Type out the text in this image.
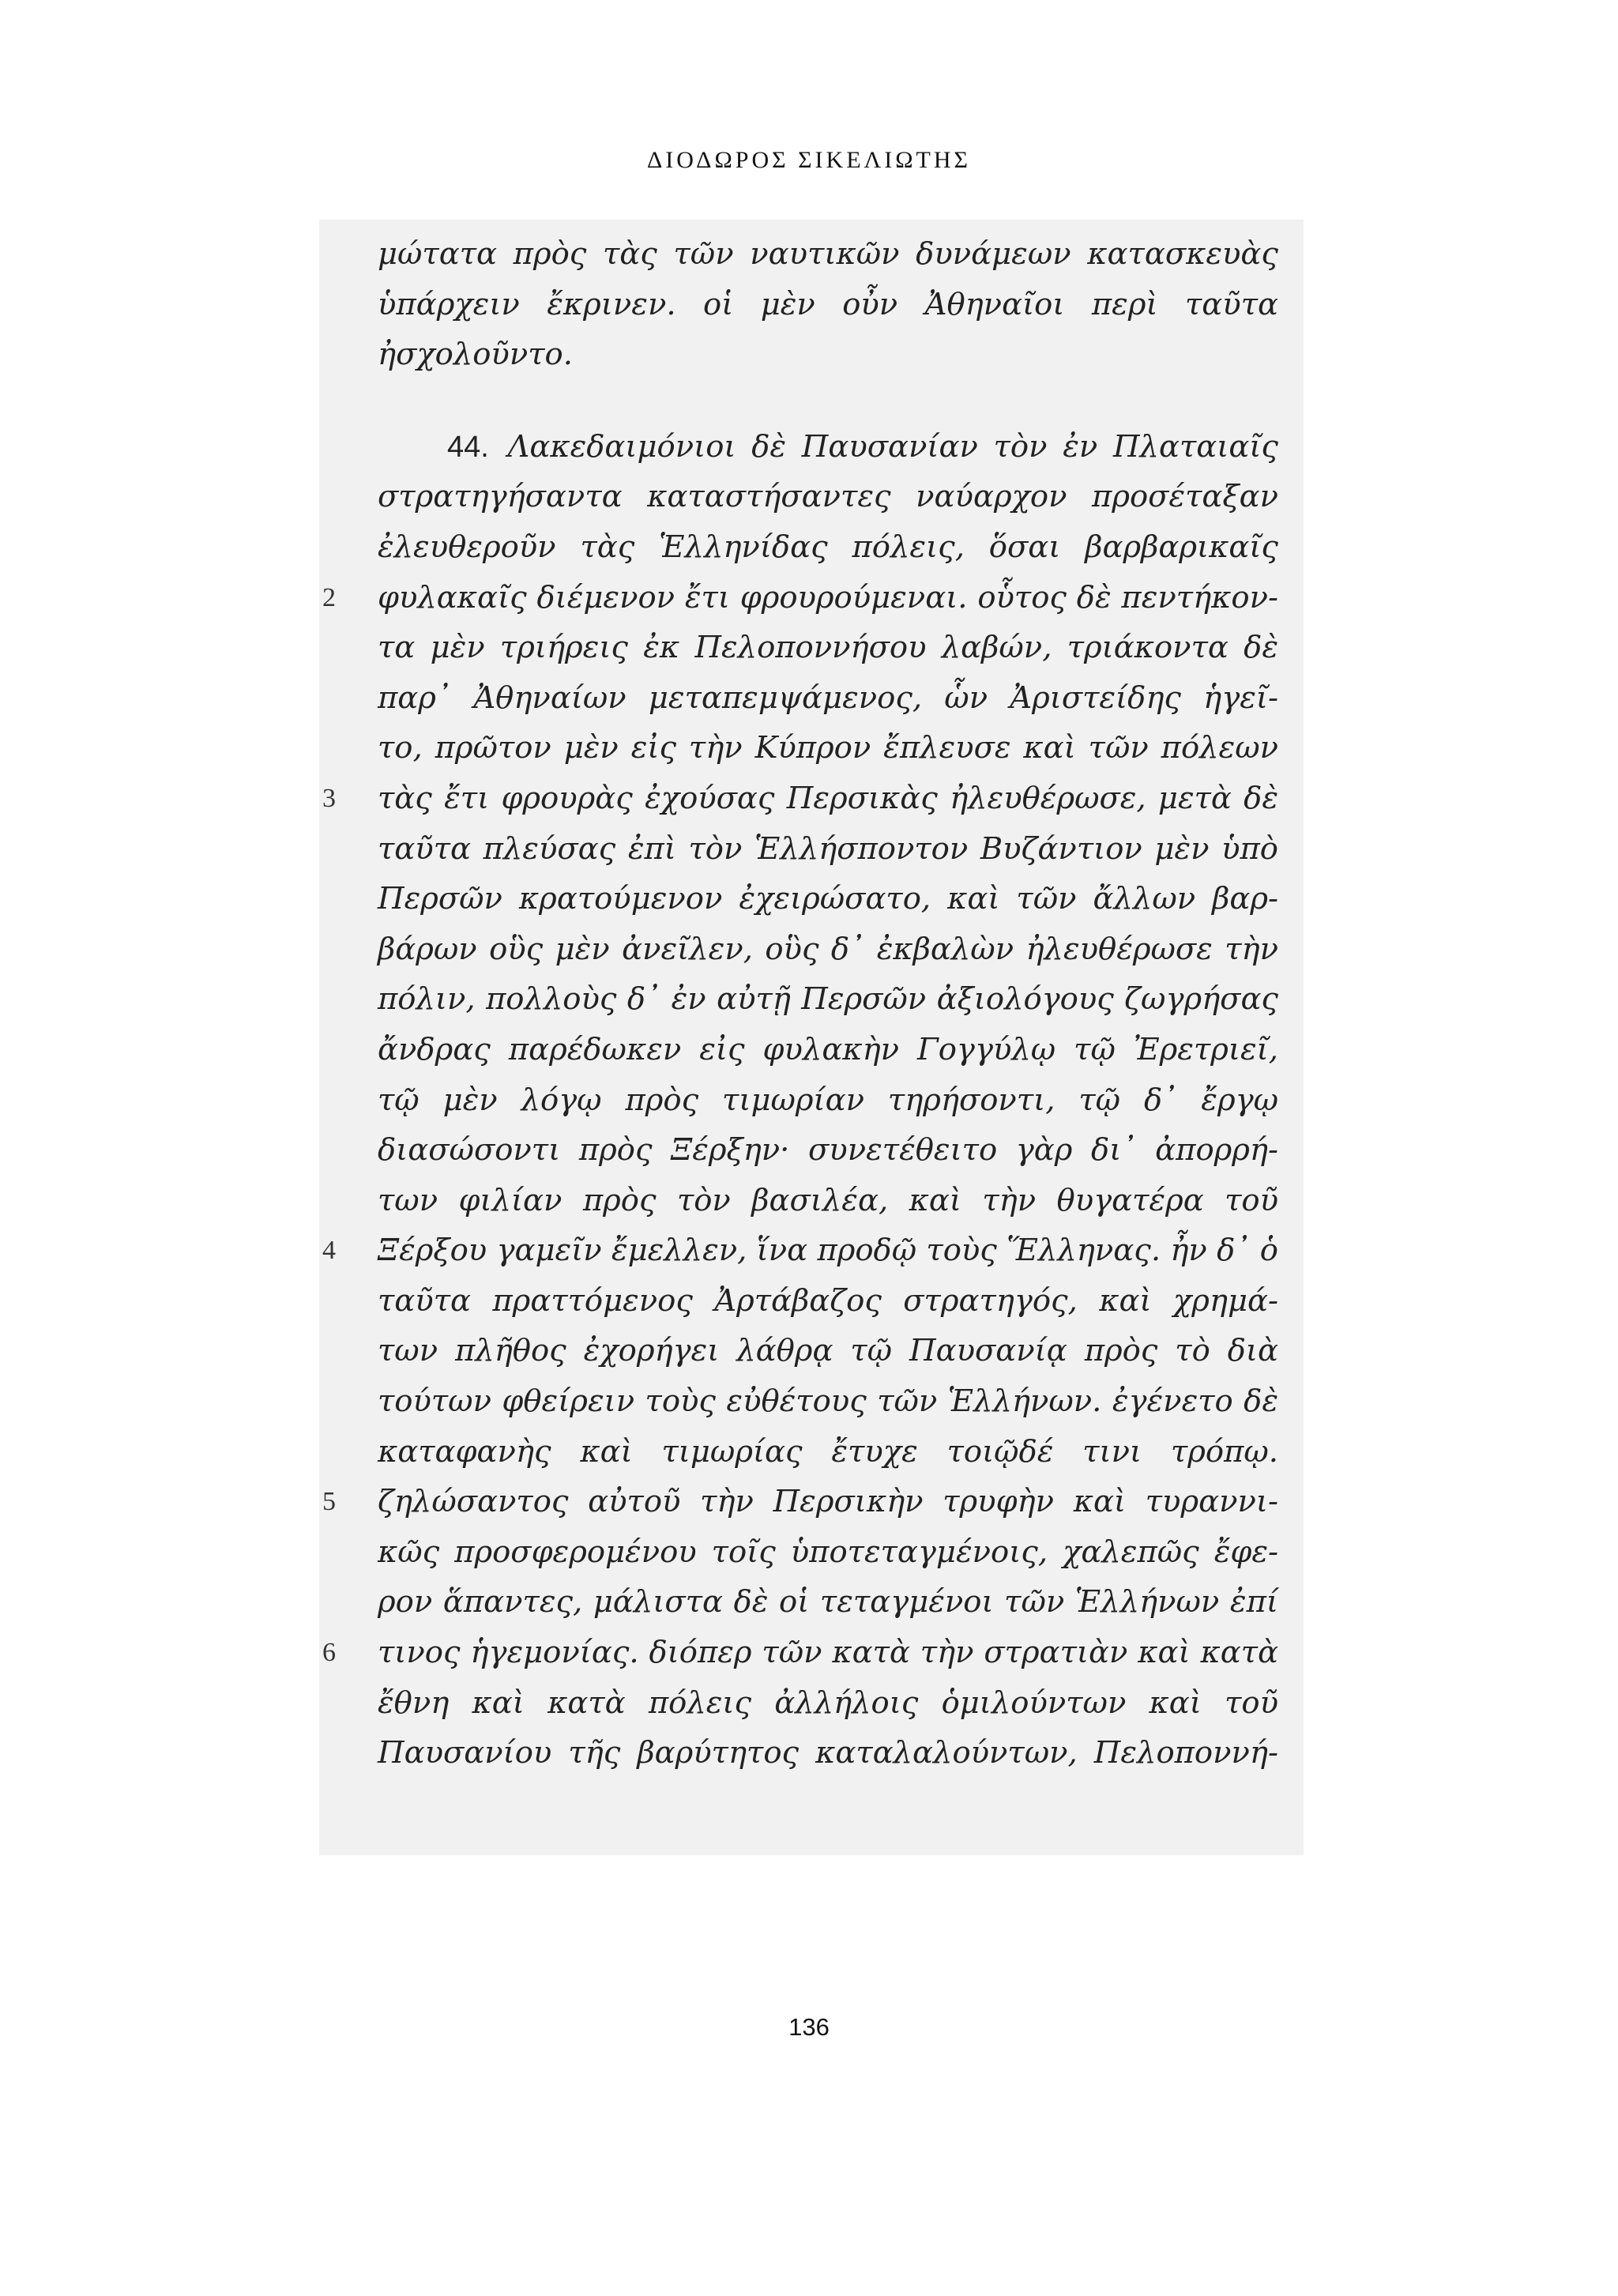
ΔΙΟΔΩΡΟΣ ΣΙΚΕΛΙΩΤΗΣ
μώτατα πρὸς τὰς τῶν ναυτικῶν δυνάμεων κατασκευὰς
ὑπάρχειν ἔκρινεν. οἱ μὲν οὖν Ἀθηναῖοι περὶ ταῦτα
ἠσχολοῦντο.
44. Λακεδαιμόνιοι δὲ Παυσανίαν τὸν ἐν Πλαταιαῖς
στρατηγήσαντα καταστήσαντες ναύαρχον προσέταξαν
ἐλευθεροῦν τὰς Ἑλληνίδας πόλεις, ὅσαι βαρβαρικαῖς
2 φυλακαῖς διέμενον ἔτι φρουρούμεναι. οὗτος δὲ πεντήκον-
τα μὲν τριήρεις ἐκ Πελοποννήσου λαβών, τριάκοντα δὲ
παρ᾽ Ἀθηναίων μεταπεμψάμενος, ὧν Ἀριστείδης ἡγεῖ-
το, πρῶτον μὲν εἰς τὴν Κύπρον ἔπλευσε καὶ τῶν πόλεων
3 τὰς ἔτι φρουρὰς ἐχούσας Περσικὰς ἠλευθέρωσε, μετὰ δὲ
ταῦτα πλεύσας ἐπὶ τὸν Ἑλλήσποντον Βυζάντιον μὲν ὑπὸ
Περσῶν κρατούμενον ἐχειρώσατο, καὶ τῶν ἄλλων βαρ-
βάρων οὓς μὲν ἀνεῖλεν, οὓς δ᾽ ἐκβαλὼν ἠλευθέρωσε τὴν
πόλιν, πολλοὺς δ᾽ ἐν αὐτῇ Περσῶν ἀξιολόγους ζωγρήσας
ἄνδρας παρέδωκεν εἰς φυλακὴν Γογγύλῳ τῷ Ἐρετριεῖ,
τῷ μὲν λόγῳ πρὸς τιμωρίαν τηρήσοντι, τῷ δ᾽ ἔργῳ
διασώσοντι πρὸς Ξέρξην· συνετέθειτο γὰρ δι᾽ ἀπορρή-
των φιλίαν πρὸς τὸν βασιλέα, καὶ τὴν θυγατέρα τοῦ
4 Ξέρξου γαμεῖν ἔμελλεν, ἵνα προδῷ τοὺς Ἕλληνας. ἦν δ᾽ ὁ
ταῦτα πραττόμενος Ἀρτάβαζος στρατηγός, καὶ χρημά-
των πλῆθος ἐχορήγει λάθρᾳ τῷ Παυσανίᾳ πρὸς τὸ διὰ
τούτων φθείρειν τοὺς εὐθέτους τῶν Ἑλλήνων. ἐγένετο δὲ
καταφανὴς καὶ τιμωρίας ἔτυχε τοιῷδέ τινι τρόπῳ.
5 ζηλώσαντος αὐτοῦ τὴν Περσικὴν τρυφὴν καὶ τυραννι-
κῶς προσφερομένου τοῖς ὑποτεταγμένοις, χαλεπῶς ἔφε-
ρον ἅπαντες, μάλιστα δὲ οἱ τεταγμένοι τῶν Ἑλλήνων ἐπί
6 τινος ἡγεμονίας. διόπερ τῶν κατὰ τὴν στρατιὰν καὶ κατὰ
ἔθνη καὶ κατὰ πόλεις ἀλλήλοις ὁμιλούντων καὶ τοῦ
Παυσανίου τῆς βαρύτητος καταλαλούντων, Πελοποννή-
136
